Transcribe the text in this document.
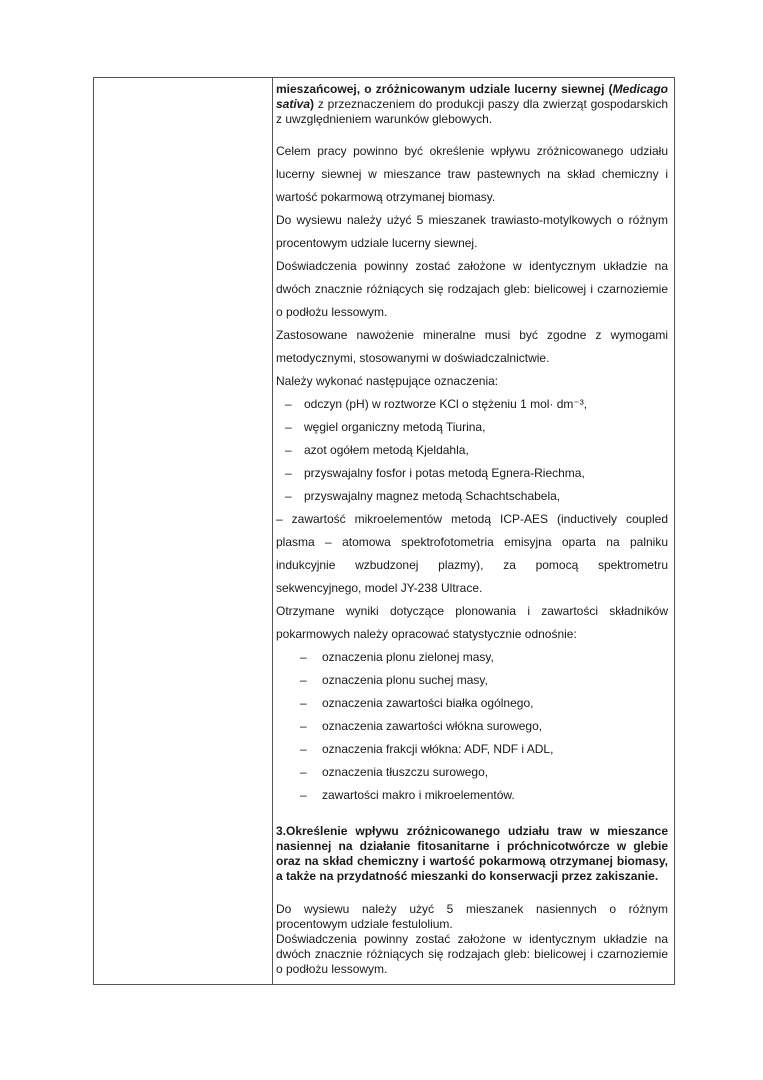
mieszańcowej, o zróżnicowanym udziale lucerny siewnej (Medicago sativa) z przeznaczeniem do produkcji paszy dla zwierząt gospodarskich z uwzględnieniem warunków glebowych.

Celem pracy powinno być określenie wpływu zróżnicowanego udziału lucerny siewnej w mieszance traw pastewnych na skład chemiczny i wartość pokarmową otrzymanej biomasy.

Do wysiewu należy użyć 5 mieszanek trawiasto-motylkowych o różnym procentowym udziale lucerny siewnej.

Doświadczenia powinny zostać założone w identycznym układzie na dwóch znacznie różniących się rodzajach gleb: bielicowej i czarnoziemie o podłożu lessowym.

Zastosowane nawożenie mineralne musi być zgodne z wymogami metodycznymi, stosowanymi w doświadczalnictwie.

Należy wykonać następujące oznaczenia:

– odczyn (pH) w roztworze KCl o stężeniu 1 mol· dm⁻³,
– węgiel organiczny metodą Tiurina,
– azot ogółem metodą Kjeldahla,
– przyswajalny fosfor i potas metodą Egnera-Riechma,
– przyswajalny magnez metodą Schachtschabela,

– zawartość mikroelementów metodą ICP-AES (inductively coupled plasma – atomowa spektrofotometria emisyjna oparta na palniku indukcyjnie wzbudzonej plazmy), za pomocą spektrometru sekwencyjnego, model JY-238 Ultrace.

Otrzymane wyniki dotyczące plonowania i zawartości składników pokarmowych należy opracować statystycznie odnośnie:

– oznaczenia plonu zielonej masy,
– oznaczenia plonu suchej masy,
– oznaczenia zawartości białka ogólnego,
– oznaczenia zawartości włókna surowego,
– oznaczenia frakcji włókna: ADF, NDF i ADL,
– oznaczenia tłuszczu surowego,
– zawartości makro i mikroelementów.

3.Określenie wpływu zróżnicowanego udziału traw w mieszance nasiennej na działanie fitosanitarne i próchnicotwórcze w glebie oraz na skład chemiczny i wartość pokarmową otrzymanej biomasy, a także na przydatność mieszanki do konserwacji przez zakiszanie.

Do wysiewu należy użyć 5 mieszanek nasiennych o różnym procentowym udziale festulolium.

Doświadczenia powinny zostać założone w identycznym układzie na dwóch znacznie różniących się rodzajach gleb: bielicowej i czarnoziemie o podłożu lessowym.
